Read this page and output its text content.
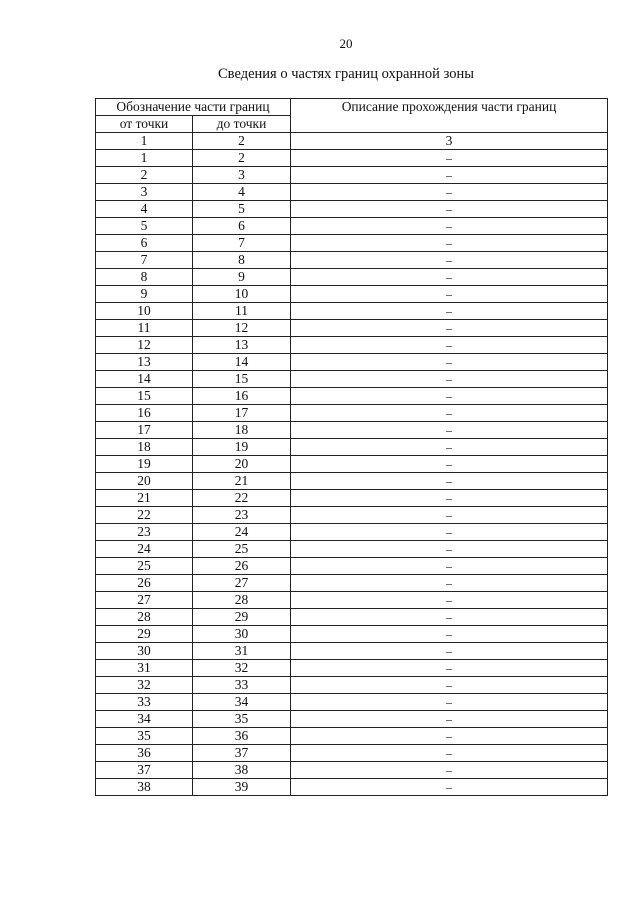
20
Сведения о частях границ охранной зоны
Обозначение части границ		Описание прохождения части границ
от точки	до точки	
1	2	3
1	2	–
2	3	–
3	4	–
4	5	–
5	6	–
6	7	–
7	8	–
8	9	–
9	10	–
10	11	–
11	12	–
12	13	–
13	14	–
14	15	–
15	16	–
16	17	–
17	18	–
18	19	–
19	20	–
20	21	–
21	22	–
22	23	–
23	24	–
24	25	–
25	26	–
26	27	–
27	28	–
28	29	–
29	30	–
30	31	–
31	32	–
32	33	–
33	34	–
34	35	–
35	36	–
36	37	–
37	38	–
38	39	–
